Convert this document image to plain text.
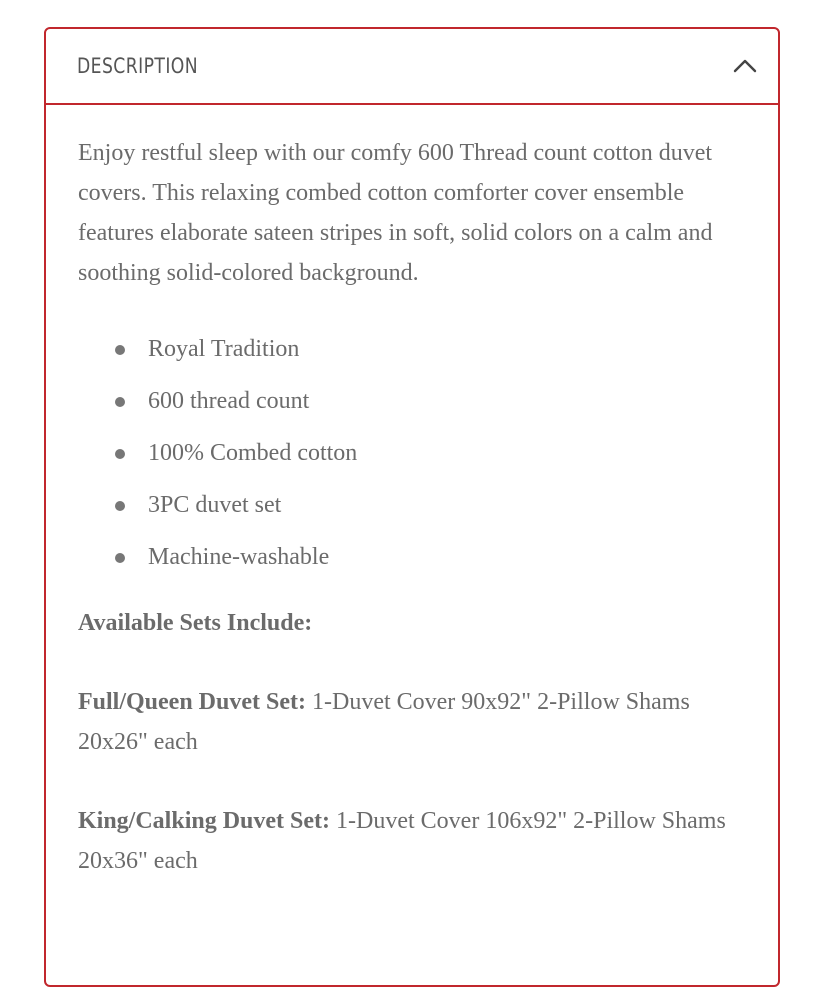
DESCRIPTION

Enjoy restful sleep with our comfy 600 Thread count cotton duvet covers. This relaxing combed cotton comforter cover ensemble features elaborate sateen stripes in soft, solid colors on a calm and soothing solid-colored background.

Royal Tradition
600 thread count
100% Combed cotton
3PC duvet set
Machine-washable

Available Sets Include:

Full/Queen Duvet Set: 1-Duvet Cover 90x92" 2-Pillow Shams 20x26" each

King/Calking Duvet Set: 1-Duvet Cover 106x92" 2-Pillow Shams 20x36" each
